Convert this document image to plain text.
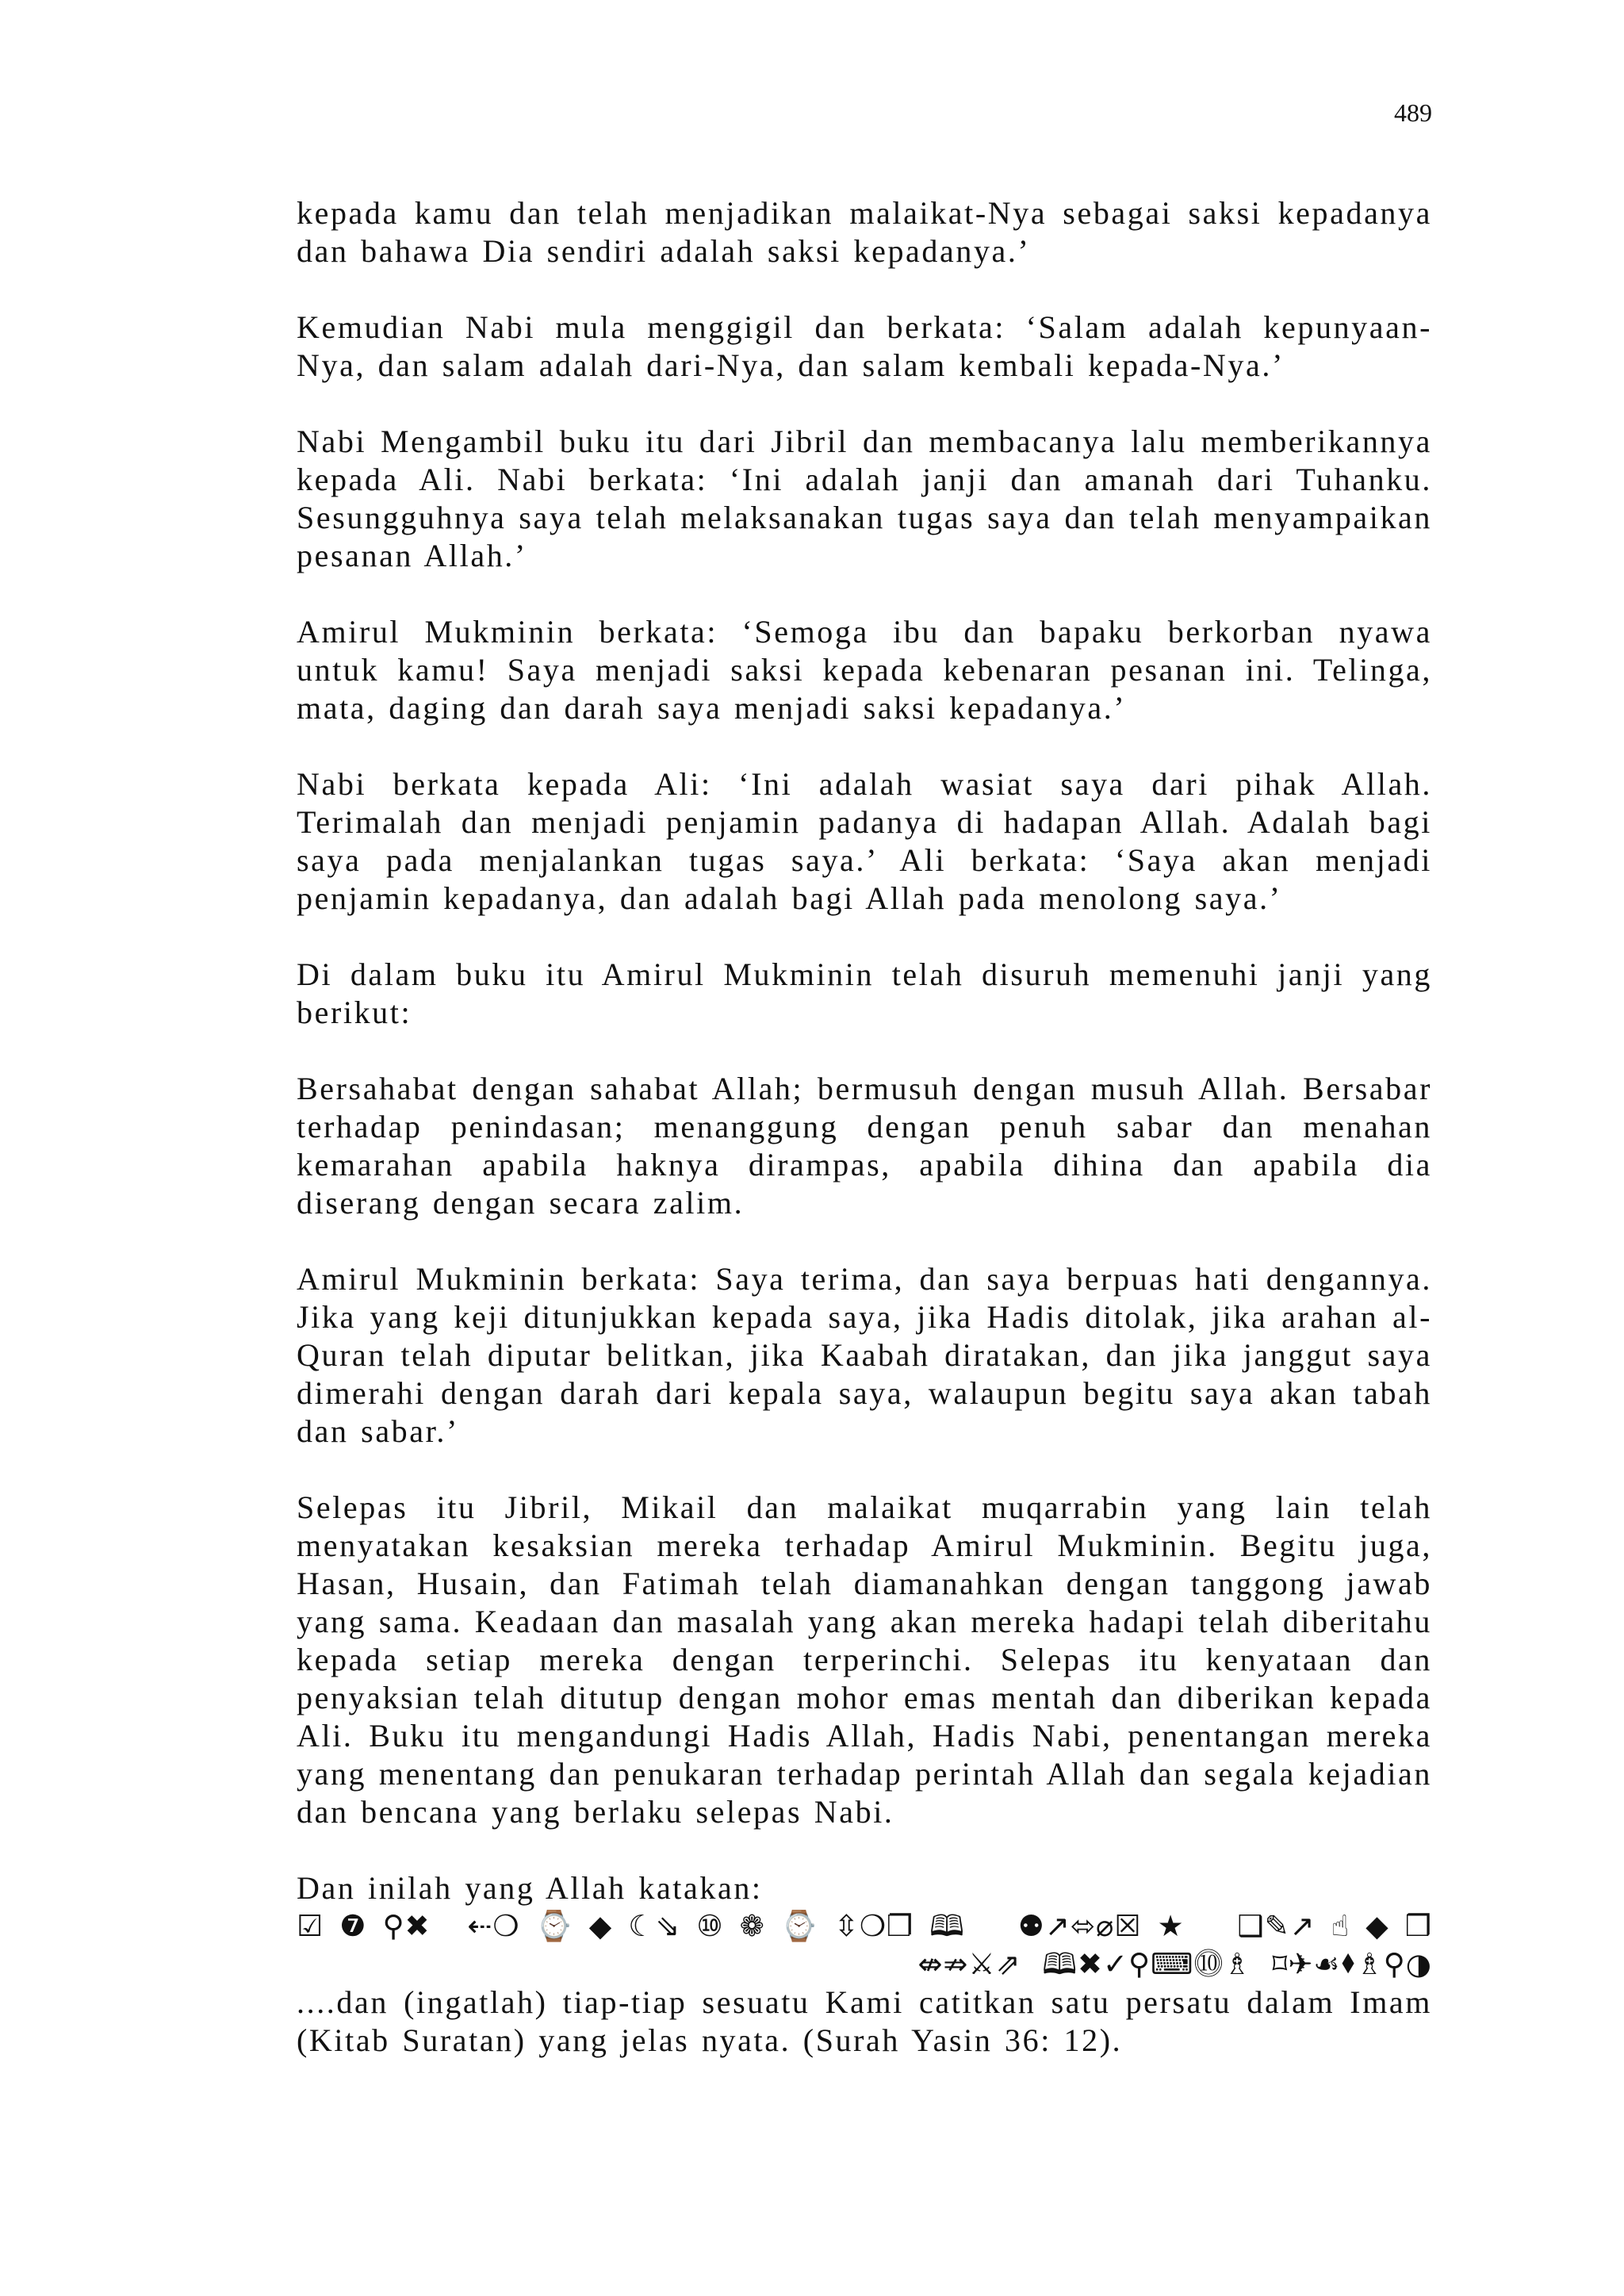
489

kepada kamu dan telah menjadikan malaikat-Nya sebagai saksi kepadanya dan bahawa Dia sendiri adalah saksi kepadanya.’

Kemudian Nabi mula menggigil dan berkata: ‘Salam adalah kepunyaan-Nya, dan salam adalah dari-Nya, dan salam kembali kepada-Nya.’

Nabi Mengambil buku itu dari Jibril dan membacanya lalu memberikannya kepada Ali. Nabi berkata: ‘Ini adalah janji dan amanah dari Tuhanku. Sesungguhnya saya telah melaksanakan tugas saya dan telah menyampaikan pesanan Allah.’

Amirul Mukminin berkata: ‘Semoga ibu dan bapaku berkorban nyawa untuk kamu! Saya menjadi saksi kepada kebenaran pesanan ini. Telinga, mata, daging dan darah saya menjadi saksi kepadanya.’

Nabi berkata kepada Ali: ‘Ini adalah wasiat saya dari pihak Allah. Terimalah dan menjadi penjamin padanya di hadapan Allah. Adalah bagi saya pada menjalankan tugas saya.’ Ali berkata: ‘Saya akan menjadi penjamin kepadanya, dan adalah bagi Allah pada menolong saya.’

Di dalam buku itu Amirul Mukminin telah disuruh memenuhi janji yang berikut:

Bersahabat dengan sahabat Allah; bermusuh dengan musuh Allah. Bersabar terhadap penindasan; menanggung dengan penuh sabar dan menahan kemarahan apabila haknya dirampas, apabila dihina dan apabila dia diserang dengan secara zalim.

Amirul Mukminin berkata: Saya terima, dan saya berpuas hati dengannya. Jika yang keji ditunjukkan kepada saya, jika Hadis ditolak, jika arahan al-Quran telah diputar belitkan, jika Kaabah diratakan, dan jika janggut saya dimerahi dengan darah dari kepala saya, walaupun begitu saya akan tabah dan sabar.’

Selepas itu Jibril, Mikail dan malaikat muqarrabin yang lain telah menyatakan kesaksian mereka terhadap Amirul Mukminin. Begitu juga, Hasan, Husain, dan Fatimah telah diamanahkan dengan tanggong jawab yang sama. Keadaan dan masalah yang akan mereka hadapi telah diberitahu kepada setiap mereka dengan terperinchi. Selepas itu kenyataan dan penyaksian telah ditutup dengan mohor emas mentah dan diberikan kepada Ali. Buku itu mengandungi Hadis Allah, Hadis Nabi, penentangan mereka yang menentang dan penukaran terhadap perintah Allah dan segala kejadian dan bencana yang berlaku selepas Nabi.

Dan inilah yang Allah katakan:

☑❼⚲✖ ⇠❍⌚◆☾⇘⑩❁⌚⇳❍❐🕮 ⚉↗⬄⌀☒★ ❑✎↗☝◆❒

⇎⇏⚔⇗ 🕮✖✓⚲⌨⓾♗ ⌑✈☙⬧♗⚲◑

....dan (ingatlah) tiap-tiap sesuatu Kami catitkan satu persatu dalam Imam (Kitab Suratan) yang jelas nyata. (Surah Yasin 36: 12).
